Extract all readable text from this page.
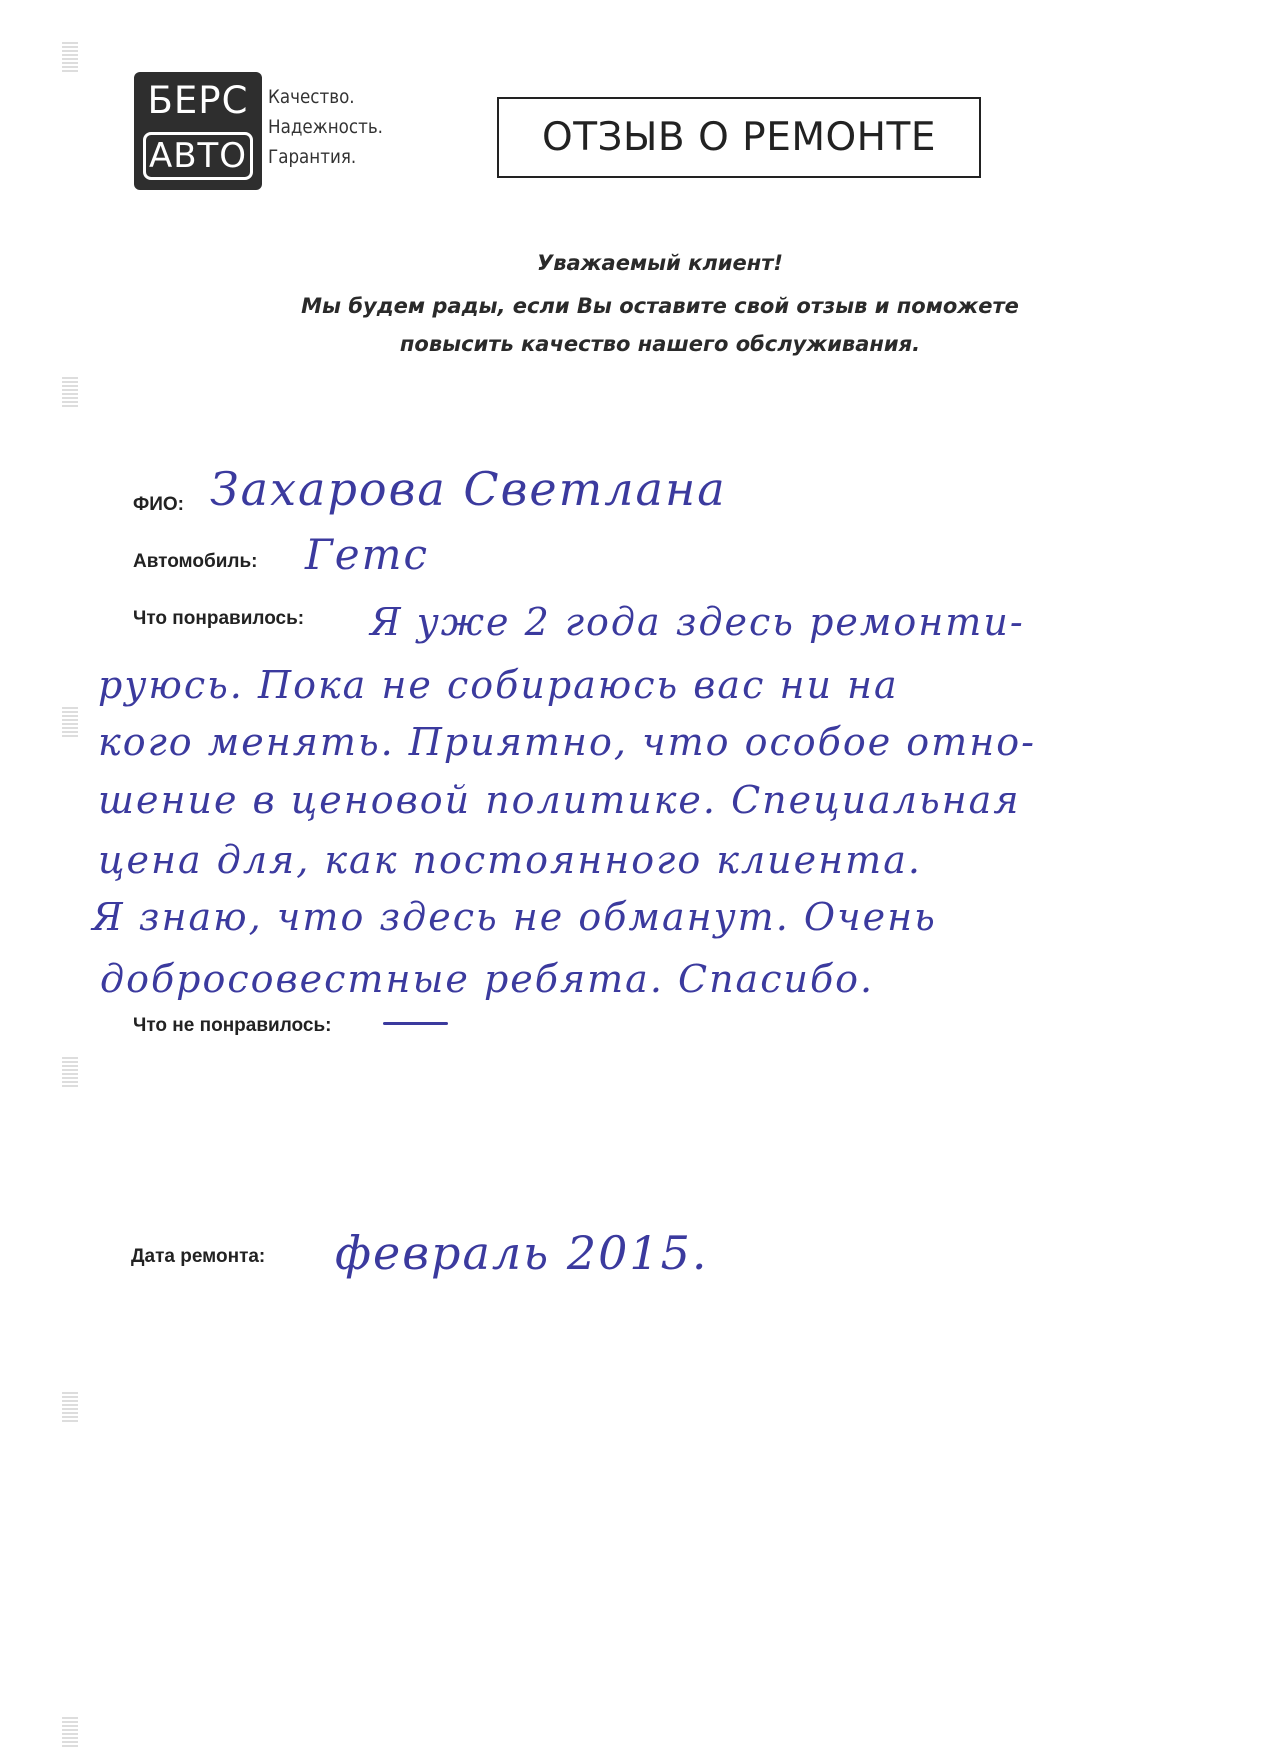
БЕРС
АВТО
Качество.
Надежность.
Гарантия.	ОТЗЫВ О РЕМОНТЕ
Уважаемый клиент!
Мы будем рады, если Вы оставите свой отзыв и поможете
повысить качество нашего обслуживания.
ФИО: Захарова Светлана
Автомобиль: Гетс
Что понравилось: Я уже 2 года здесь ремонти-
руюсь. Пока не собираюсь вас ни на
кого менять. Приятно, что особое отно-
шение в ценовой политике. Специальная
цена для, как постоянного клиента.
Я знаю, что здесь не обманут. Очень
добросовестные ребята. Спасибо.
Что не понравилось:
Дата ремонта: февраль 2015.
